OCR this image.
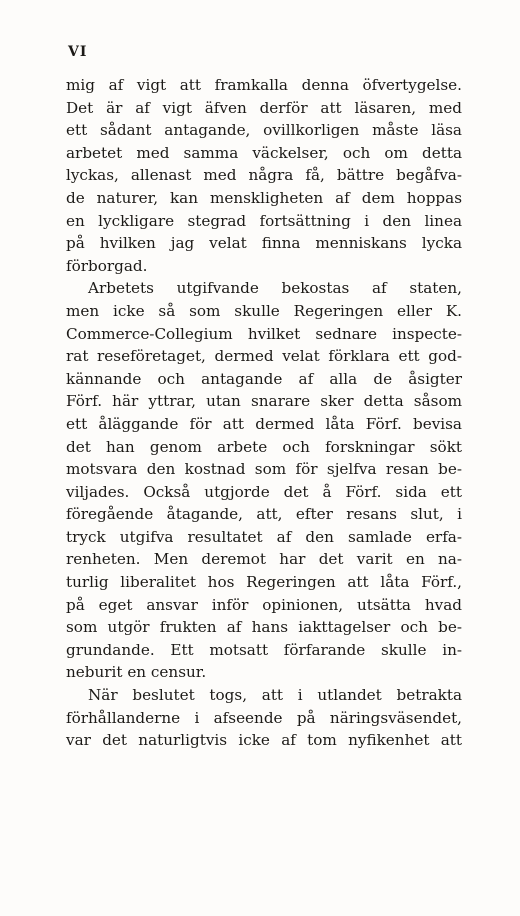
VI
mig af vigt att framkalla denna öfvertygelse.
Det är af vigt äfven derför att läsaren, med
ett sådant antagande, ovillkorligen måste läsa
arbetet med samma väckelser, och om detta
lyckas, allenast med några få, bättre begåfva-
de naturer, kan menskligheten af dem hoppas
en lyckligare stegrad fortsättning i den linea
på hvilken jag velat finna menniskans lycka
förborgad.
Arbetets utgifvande bekostas af staten,
men icke så som skulle Regeringen eller K.
Commerce-Collegium hvilket sednare inspecte-
rat reseföretaget, dermed velat förklara ett god-
kännande och antagande af alla de åsigter
Förf. här yttrar, utan snarare sker detta såsom
ett åläggande för att dermed låta Förf. bevisa
det han genom arbete och forskningar sökt
motsvara den kostnad som för sjelfva resan be-
viljades. Också utgjorde det å Förf. sida ett
föregående åtagande, att, efter resans slut, i
tryck utgifva resultatet af den samlade erfa-
renheten. Men deremot har det varit en na-
turlig liberalitet hos Regeringen att låta Förf.,
på eget ansvar inför opinionen, utsätta hvad
som utgör frukten af hans iakttagelser och be-
grundande. Ett motsatt förfarande skulle in-
neburit en censur.
När beslutet togs, att i utlandet betrakta
förhållanderne i afseende på näringsväsendet,
var det naturligtvis icke af tom nyfikenhet att
